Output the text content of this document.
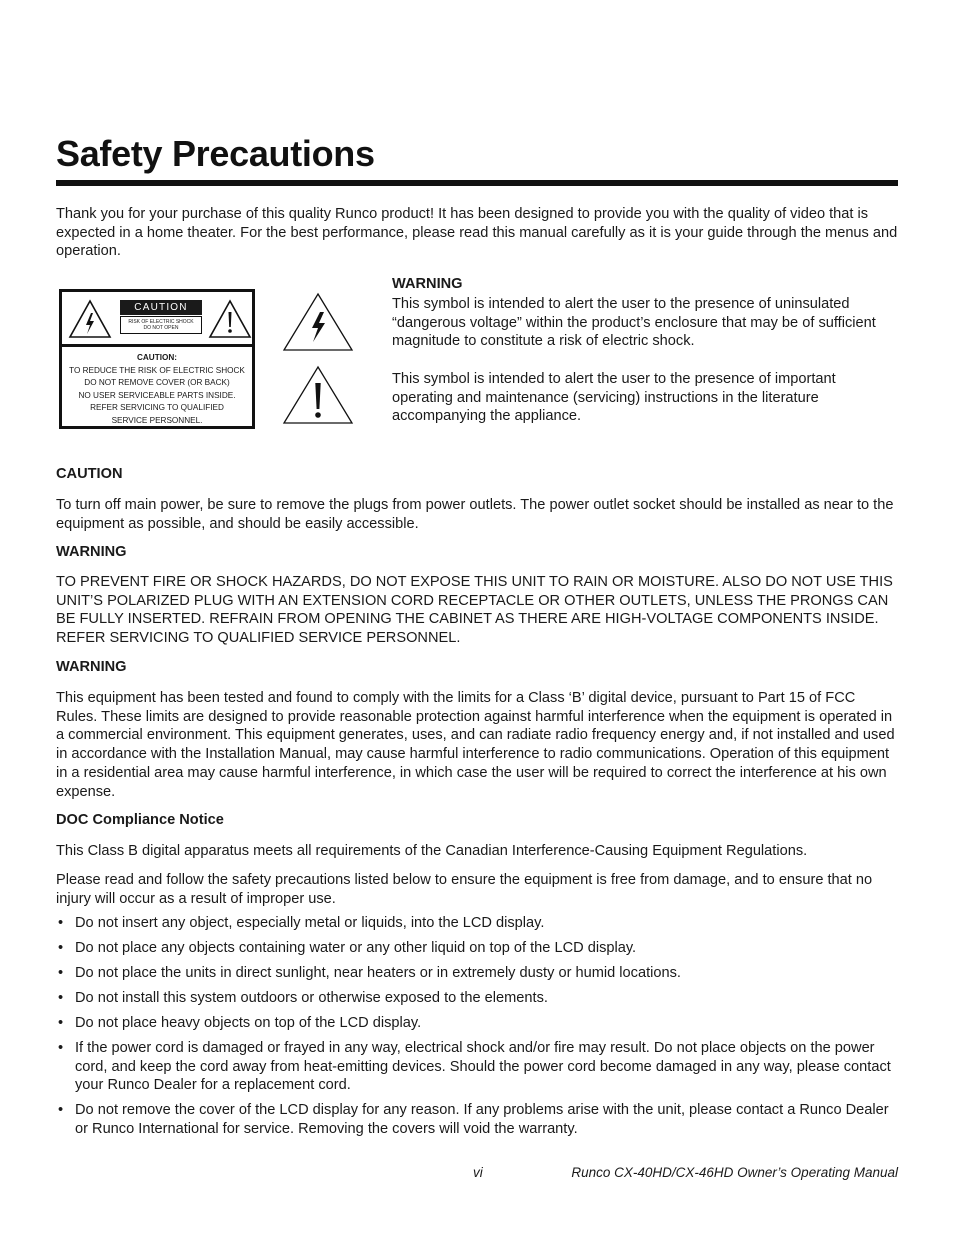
Safety Precautions

Thank you for your purchase of this quality Runco product! It has been designed to provide you with the quality of video that is expected in a home theater. For the best performance, please read this manual carefully as it is your guide through the menus and operation.

CAUTION
RISK OF ELECTRIC SHOCK
DO NOT OPEN
CAUTION:
TO REDUCE THE RISK OF ELECTRIC SHOCK
DO NOT REMOVE COVER (OR BACK)
NO USER SERVICEABLE PARTS INSIDE.
REFER SERVICING TO QUALIFIED
SERVICE PERSONNEL.
WARNING

This symbol is intended to alert the user to the presence of uninsulated “dangerous voltage” within the product’s enclosure that may be of sufficient magnitude to constitute a risk of electric shock.

This symbol is intended to alert the user to the presence of important operating and maintenance (servicing) instructions in the literature accompanying the appliance.

CAUTION

To turn off main power, be sure to remove the plugs from power outlets. The power outlet socket should be installed as near to the equipment as possible, and should be easily accessible.

WARNING

TO PREVENT FIRE OR SHOCK HAZARDS, DO NOT EXPOSE THIS UNIT TO RAIN OR MOISTURE. ALSO DO NOT USE THIS UNIT’S POLARIZED PLUG WITH AN EXTENSION CORD RECEPTACLE OR OTHER OUTLETS, UNLESS THE PRONGS CAN BE FULLY INSERTED. REFRAIN FROM OPENING THE CABINET AS THERE ARE HIGH-VOLTAGE COMPONENTS INSIDE. REFER SERVICING TO QUALIFIED SERVICE PERSONNEL.

WARNING

This equipment has been tested and found to comply with the limits for a Class ‘B’ digital device, pursuant to Part 15 of FCC Rules. These limits are designed to provide reasonable protection against harmful interference when the equipment is operated in a commercial environment. This equipment generates, uses, and can radiate radio frequency energy and, if not installed and used in accordance with the Installation Manual, may cause harmful interference to radio communications. Operation of this equipment in a residential area may cause harmful interference, in which case the user will be required to correct the interference at his own expense.

DOC Compliance Notice

This Class B digital apparatus meets all requirements of the Canadian Interference-Causing Equipment Regulations.

Please read and follow the safety precautions listed below to ensure the equipment is free from damage, and to ensure that no injury will occur as a result of improper use.

• Do not insert any object, especially metal or liquids, into the LCD display.
• Do not place any objects containing water or any other liquid on top of the LCD display.
• Do not place the units in direct sunlight, near heaters or in extremely dusty or humid locations.
• Do not install this system outdoors or otherwise exposed to the elements.
• Do not place heavy objects on top of the LCD display.
• If the power cord is damaged or frayed in any way, electrical shock and/or fire may result. Do not place objects on the power cord, and keep the cord away from heat-emitting devices. Should the power cord become damaged in any way, please contact your Runco Dealer for a replacement cord.
• Do not remove the cover of the LCD display for any reason. If any problems arise with the unit, please contact a Runco Dealer or Runco International for service. Removing the covers will void the warranty.
vi	Runco CX-40HD/CX-46HD Owner’s Operating Manual
